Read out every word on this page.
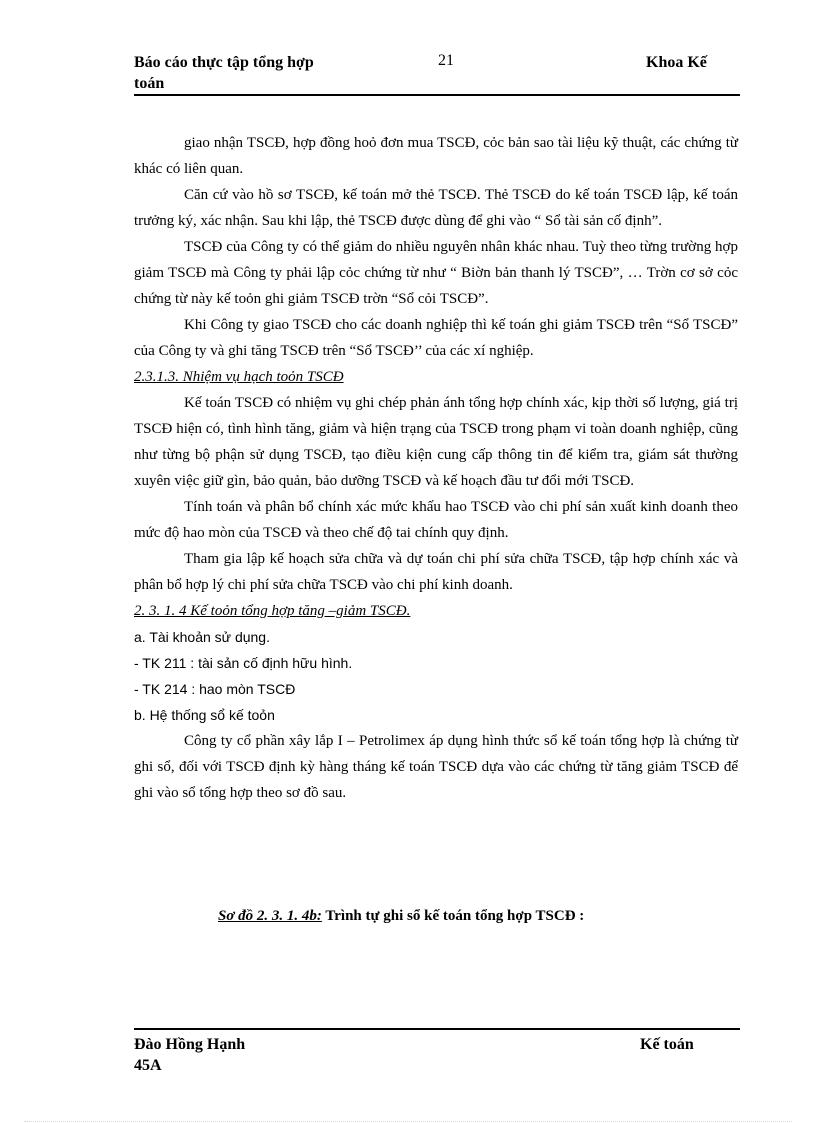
Báo cáo thực tập tổng hợp
toán
21	Khoa Kế

giao nhận TSCĐ, hợp đồng hoỏ đơn mua TSCĐ, cỏc bản sao tài liệu kỹ thuật, các chứng từ khác có liên quan.

Căn cứ vào hồ sơ TSCĐ, kế toán mở thẻ TSCĐ. Thẻ TSCĐ do kế toán TSCĐ lập, kế toán trưởng ký, xác nhận. Sau khi lập, thẻ TSCĐ được dùng để ghi vào “ Sổ tài sản cố định”.

TSCĐ của Công ty có thể giảm do nhiều nguyên nhân khác nhau. Tuỳ theo từng trường hợp giảm TSCĐ mà Công ty phải lập cỏc chứng từ như “ Biờn bản thanh lý TSCĐ”, … Trờn cơ sở cỏc chứng từ này kế toỏn ghi giảm TSCĐ trờn “Sổ cỏi TSCĐ”.

Khi Công ty giao TSCĐ cho các doanh nghiệp thì kế toán ghi giảm TSCĐ trên “Sổ TSCĐ” của Công ty và ghi tăng TSCĐ trên “Sổ TSCĐ’’ của các xí nghiệp.

2.3.1.3. Nhiệm vụ hạch toỏn TSCĐ

Kế toán TSCĐ có nhiệm vụ ghi chép phản ánh tổng hợp chính xác, kịp thời số lượng, giá trị TSCĐ hiện có, tình hình tăng, giảm và hiện trạng của TSCĐ trong phạm vi toàn doanh nghiệp, cũng như từng bộ phận sử dụng TSCĐ, tạo điều kiện cung cấp thông tin để kiểm tra, giám sát thường xuyên việc giữ gìn, bảo quản, bảo dưỡng TSCĐ và kế hoạch đầu tư đổi mới TSCĐ.

Tính toán và phân bổ chính xác mức khấu hao TSCĐ vào chi phí sản xuất kinh doanh theo mức độ hao mòn của TSCĐ và theo chế độ tai chính quy định.

Tham gia lập kế hoạch sửa chữa và dự toán chi phí sửa chữa TSCĐ, tập hợp chính xác và phân bổ hợp lý chi phí sửa chữa TSCĐ vào chi phí kinh doanh.

2. 3. 1. 4 Kế toỏn tổng hợp tăng –giảm TSCĐ.

a. Tài khoản sử dụng.

- TK 211 : tài sản cố định hữu hình.

- TK 214 : hao mòn TSCĐ

b. Hệ thống sổ kế toỏn

Công ty cổ phần xây lắp I – Petrolimex áp dụng hình thức sổ kế toán tổng hợp là chứng từ ghi sổ, đối với TSCĐ định kỳ hàng tháng kế toán TSCĐ dựa vào các chứng từ tăng giảm TSCĐ để ghi vào sổ tổng hợp theo sơ đồ sau.

Sơ đồ 2. 3. 1. 4b: Trình tự ghi sổ kế toán tổng hợp TSCĐ :
Đào Hồng Hạnh
45A
Kế toán
